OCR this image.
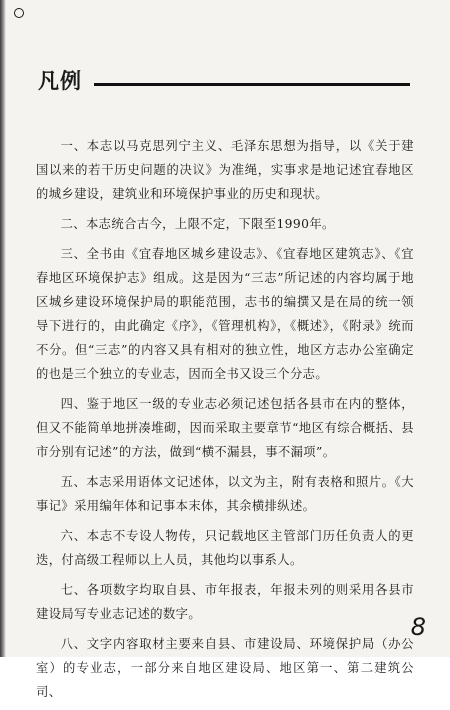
凡例

一、本志以马克思列宁主义、毛泽东思想为指导，以《关于建国以来的若干历史问题的决议》为准绳，实事求是地记述宜春地区的城乡建设，建筑业和环境保护事业的历史和现状。

二、本志统合古今，上限不定，下限至1990年。

三、全书由《宜春地区城乡建设志》、《宜春地区建筑志》、《宜春地区环境保护志》组成。这是因为“三志”所记述的内容均属于地区城乡建设环境保护局的职能范围，志书的编撰又是在局的统一领导下进行的，由此确定《序》，《管理机构》，《概述》，《附录》统而不分。但“三志”的内容又具有相对的独立性，地区方志办公室确定的也是三个独立的专业志，因而全书又设三个分志。

四、鉴于地区一级的专业志必须记述包括各县市在内的整体，但又不能简单地拼凑堆砌，因而采取主要章节“地区有综合概括、县市分别有记述”的方法，做到“横不漏县，事不漏项”。

五、本志采用语体文记述体，以文为主，附有表格和照片。《大事记》采用编年体和记事本末体，其余横排纵述。

六、本志不专设人物传，只记载地区主管部门历任负责人的更迭，付高级工程师以上人员，其他均以事系人。

七、各项数字均取自县、市年报表，年报未列的则采用各县市建设局写专业志记述的数字。

八、文字内容取材主要来自县、市建设局、环境保护局（办公室）的专业志，一部分来自地区建设局、地区第一、第二建筑公司、

8
